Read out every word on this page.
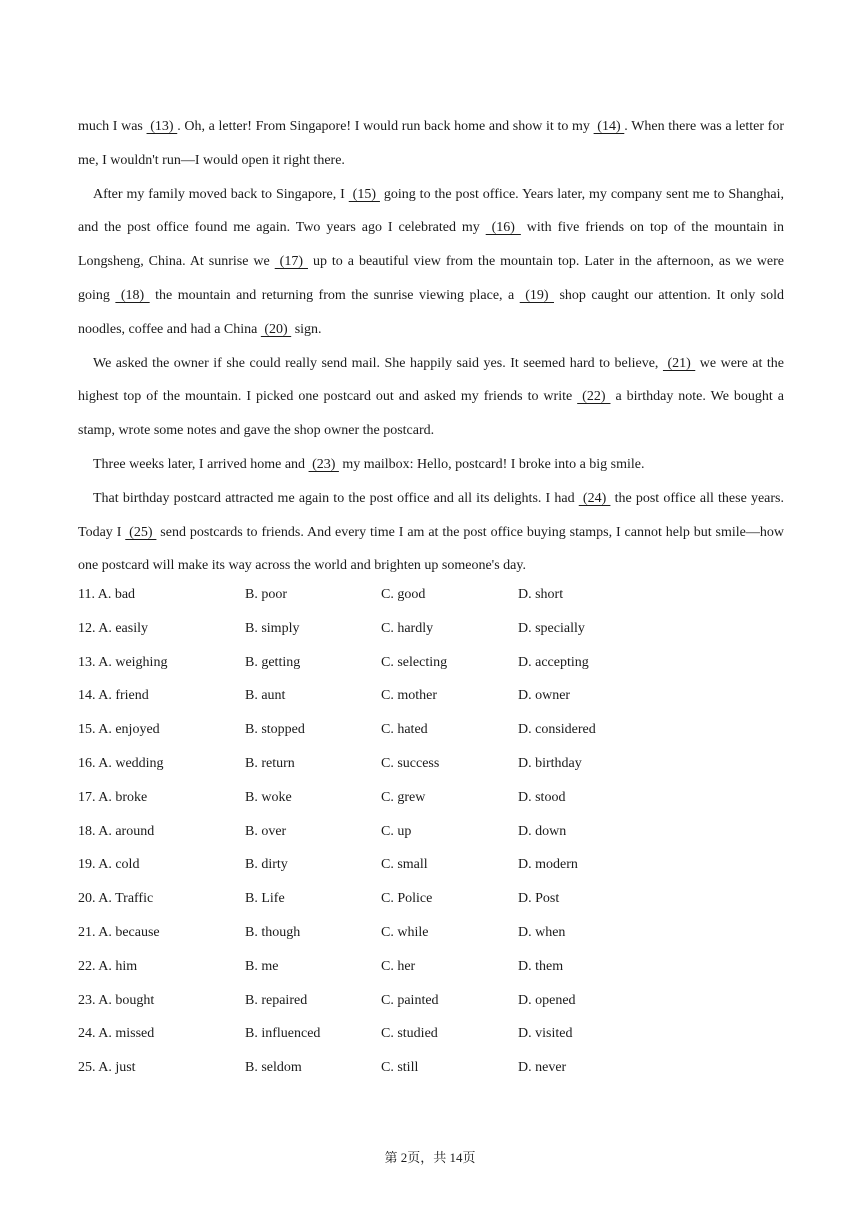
much I was  (13) . Oh, a letter! From Singapore! I would run back home and show it to my  (14) . When there was a letter for me, I wouldn't run—I would open it right there.

After my family moved back to Singapore, I  (15)  going to the post office. Years later, my company sent me to Shanghai, and the post office found me again. Two years ago I celebrated my  (16)  with five friends on top of the mountain in Longsheng, China. At sunrise we  (17)  up to a beautiful view from the mountain top. Later in the afternoon, as we were going  (18)  the mountain and returning from the sunrise viewing place, a  (19)  shop caught our attention. It only sold noodles, coffee and had a China  (20)  sign.

We asked the owner if she could really send mail. She happily said yes. It seemed hard to believe,  (21)  we were at the highest top of the mountain. I picked one postcard out and asked my friends to write  (22)  a birthday note. We bought a stamp, wrote some notes and gave the shop owner the postcard.

Three weeks later, I arrived home and  (23)  my mailbox: Hello, postcard! I broke into a big smile.

That birthday postcard attracted me again to the post office and all its delights. I had  (24)  the post office all these years. Today I  (25)  send postcards to friends. And every time I am at the post office buying stamps, I cannot help but smile—how one postcard will make its way across the world and brighten up someone's day.

11. A. bad	B. poor	C. good	D. short
12. A. easily	B. simply	C. hardly	D. specially
13. A. weighing	B. getting	C. selecting	D. accepting
14. A. friend	B. aunt	C. mother	D. owner
15. A. enjoyed	B. stopped	C. hated	D. considered
16. A. wedding	B. return	C. success	D. birthday
17. A. broke	B. woke	C. grew	D. stood
18. A. around	B. over	C. up	D. down
19. A. cold	B. dirty	C. small	D. modern
20. A. Traffic	B. Life	C. Police	D. Post
21. A. because	B. though	C. while	D. when
22. A. him	B. me	C. her	D. them
23. A. bought	B. repaired	C. painted	D. opened
24. A. missed	B. influenced	C. studied	D. visited
25. A. just	B. seldom	C. still	D. never
第 2页，共 14页
